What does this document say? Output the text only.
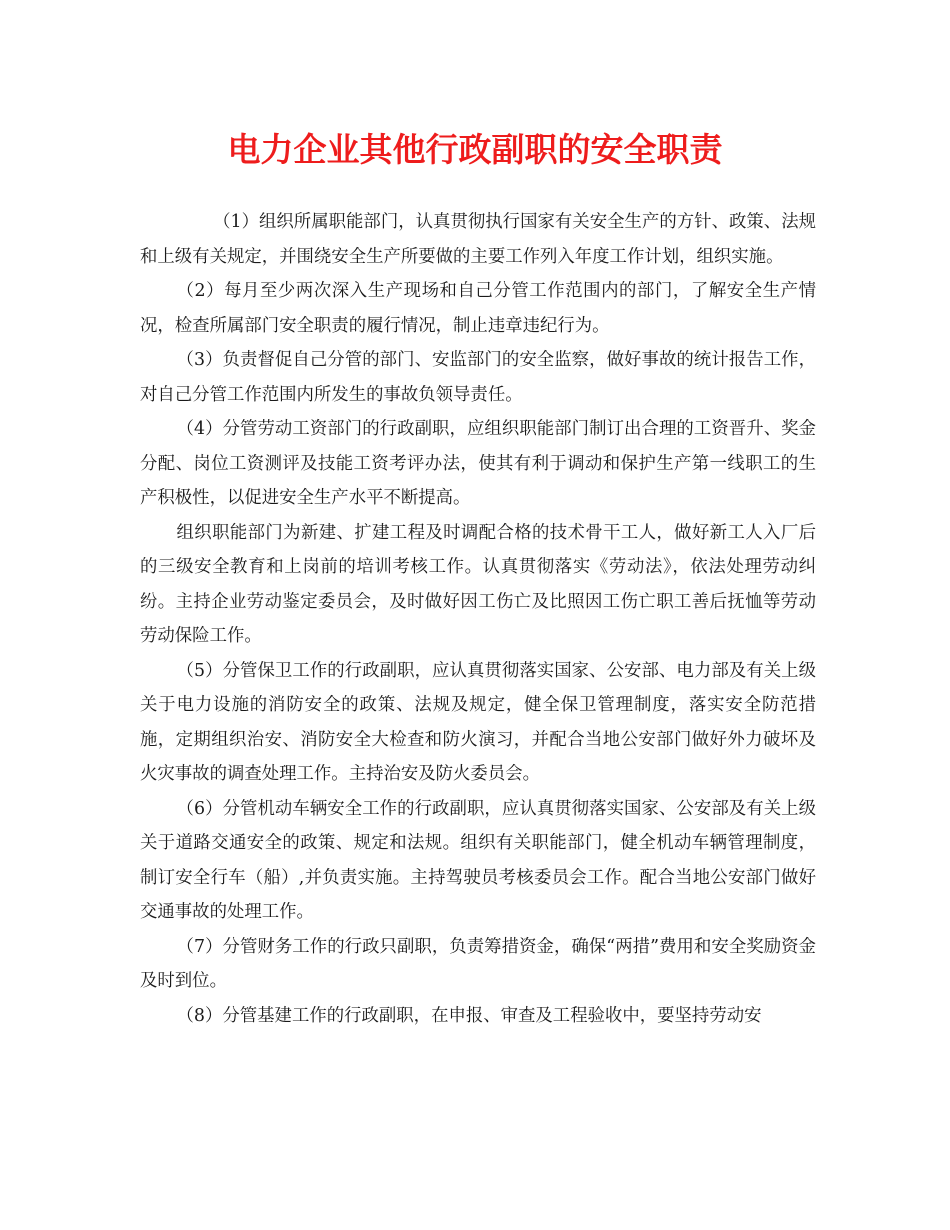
电力企业其他行政副职的安全职责

（1）组织所属职能部门，认真贯彻执行国家有关安全生产的方针、政策、法规和上级有关规定，并围绕安全生产所要做的主要工作列入年度工作计划，组织实施。

（2）每月至少两次深入生产现场和自己分管工作范围内的部门，了解安全生产情况，检查所属部门安全职责的履行情况，制止违章违纪行为。

（3）负责督促自己分管的部门、安监部门的安全监察，做好事故的统计报告工作，对自己分管工作范围内所发生的事故负领导责任。

（4）分管劳动工资部门的行政副职，应组织职能部门制订出合理的工资晋升、奖金分配、岗位工资测评及技能工资考评办法，使其有利于调动和保护生产第一线职工的生产积极性，以促进安全生产水平不断提高。

组织职能部门为新建、扩建工程及时调配合格的技术骨干工人，做好新工人入厂后的三级安全教育和上岗前的培训考核工作。认真贯彻落实《劳动法》，依法处理劳动纠纷。主持企业劳动鉴定委员会，及时做好因工伤亡及比照因工伤亡职工善后抚恤等劳动劳动保险工作。

（5）分管保卫工作的行政副职，应认真贯彻落实国家、公安部、电力部及有关上级关于电力设施的消防安全的政策、法规及规定，健全保卫管理制度，落实安全防范措施，定期组织治安、消防安全大检查和防火演习，并配合当地公安部门做好外力破坏及火灾事故的调查处理工作。主持治安及防火委员会。

（6）分管机动车辆安全工作的行政副职，应认真贯彻落实国家、公安部及有关上级关于道路交通安全的政策、规定和法规。组织有关职能部门，健全机动车辆管理制度，制订安全行车（船）,并负责实施。主持驾驶员考核委员会工作。配合当地公安部门做好交通事故的处理工作。

（7）分管财务工作的行政只副职，负责筹措资金，确保“两措”费用和安全奖励资金及时到位。

（8）分管基建工作的行政副职，在申报、审查及工程验收中，要坚持劳动安
